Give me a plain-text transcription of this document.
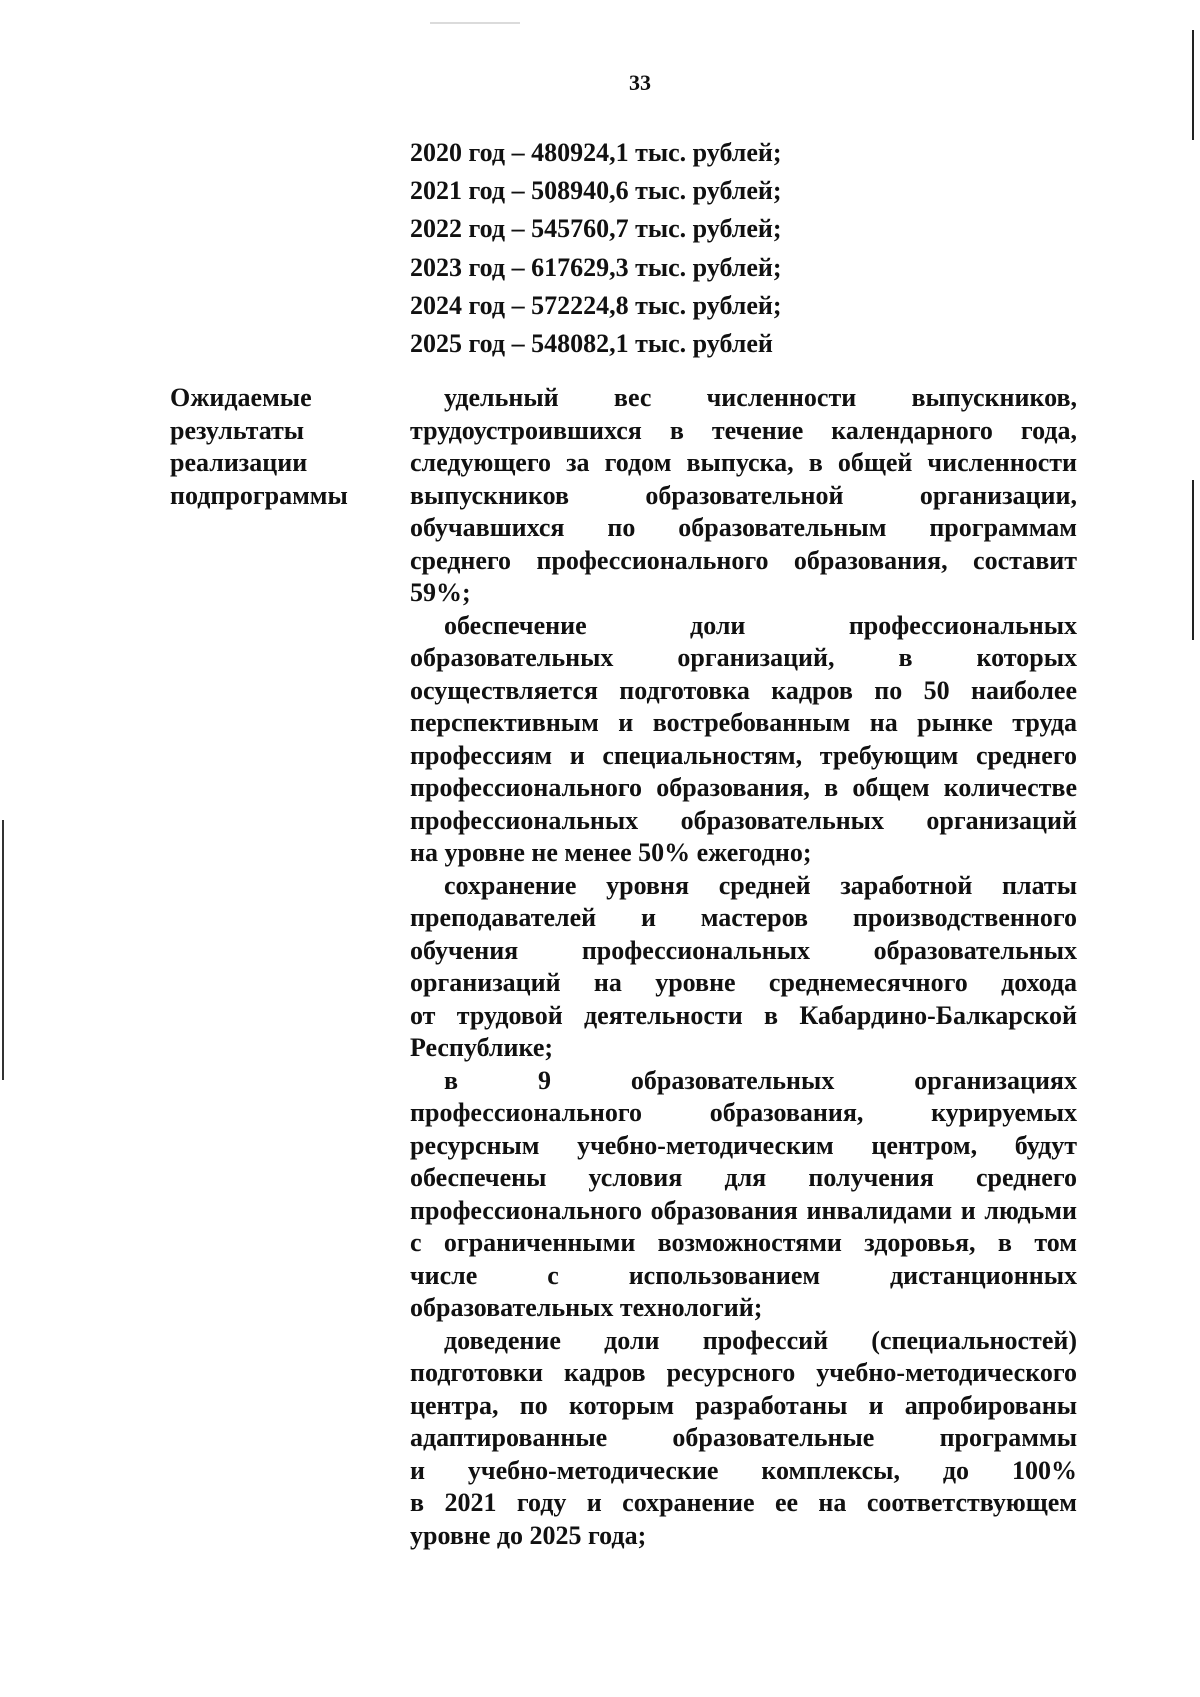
33
2020 год – 480924,1 тыс. рублей;
2021 год – 508940,6 тыс. рублей;
2022 год – 545760,7 тыс. рублей;
2023 год – 617629,3 тыс. рублей;
2024 год – 572224,8 тыс. рублей;
2025 год – 548082,1 тыс. рублей
Ожидаемые
результаты
реализации
подпрограммы
удельный вес численности выпускников,
трудоустроившихся в течение календарного года,
следующего за годом выпуска, в общей численности
выпускников образовательной организации,
обучавшихся по образовательным программам
среднего профессионального образования, составит
59%;
обеспечение доли профессиональных
образовательных организаций, в которых
осуществляется подготовка кадров по 50 наиболее
перспективным и востребованным на рынке труда
профессиям и специальностям, требующим среднего
профессионального образования, в общем количестве
профессиональных образовательных организаций
на уровне не менее 50% ежегодно;
сохранение уровня средней заработной платы
преподавателей и мастеров производственного
обучения профессиональных образовательных
организаций на уровне среднемесячного дохода
от трудовой деятельности в Кабардино-Балкарской
Республике;
в 9 образовательных организациях
профессионального образования, курируемых
ресурсным учебно-методическим центром, будут
обеспечены условия для получения среднего
профессионального образования инвалидами и людьми
с ограниченными возможностями здоровья, в том
числе с использованием дистанционных
образовательных технологий;
доведение доли профессий (специальностей)
подготовки кадров ресурсного учебно-методического
центра, по которым разработаны и апробированы
адаптированные образовательные программы
и учебно-методические комплексы, до 100%
в 2021 году и сохранение ее на соответствующем
уровне до 2025 года;
